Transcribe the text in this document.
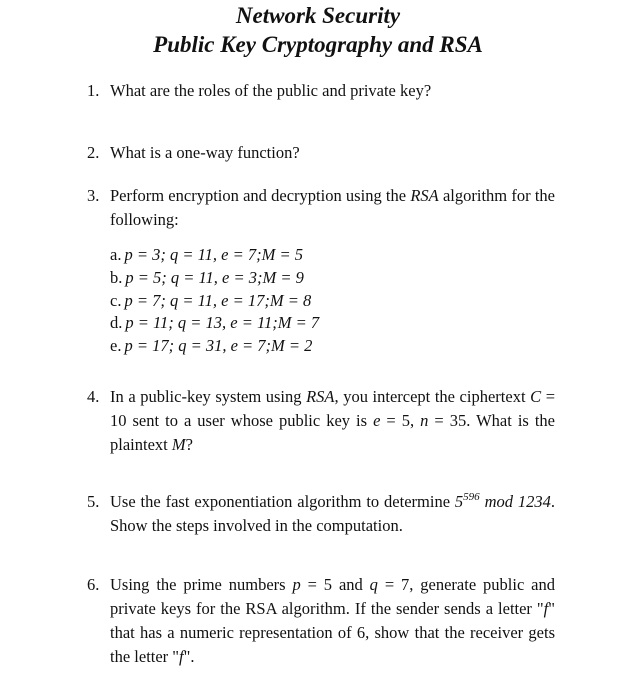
Network Security
Public Key Cryptography and RSA
1. What are the roles of the public and private key?
2. What is a one-way function?
3. Perform encryption and decryption using the RSA algorithm for the following:
a. p = 3; q = 11, e = 7;M = 5
b. p = 5; q = 11, e = 3;M = 9
c. p = 7; q = 11, e = 17;M = 8
d. p = 11; q = 13, e = 11;M = 7
e. p = 17; q = 31, e = 7;M = 2
4. In a public-key system using RSA, you intercept the ciphertext C = 10 sent to a user whose public key is e = 5, n = 35. What is the plaintext M?
5. Use the fast exponentiation algorithm to determine $5^{596}$ mod 1234. Show the steps involved in the computation.
6. Using the prime numbers p = 5 and q = 7, generate public and private keys for the RSA algorithm. If the sender sends a letter "f" that has a numeric representation of 6, show that the receiver gets the letter "f".
